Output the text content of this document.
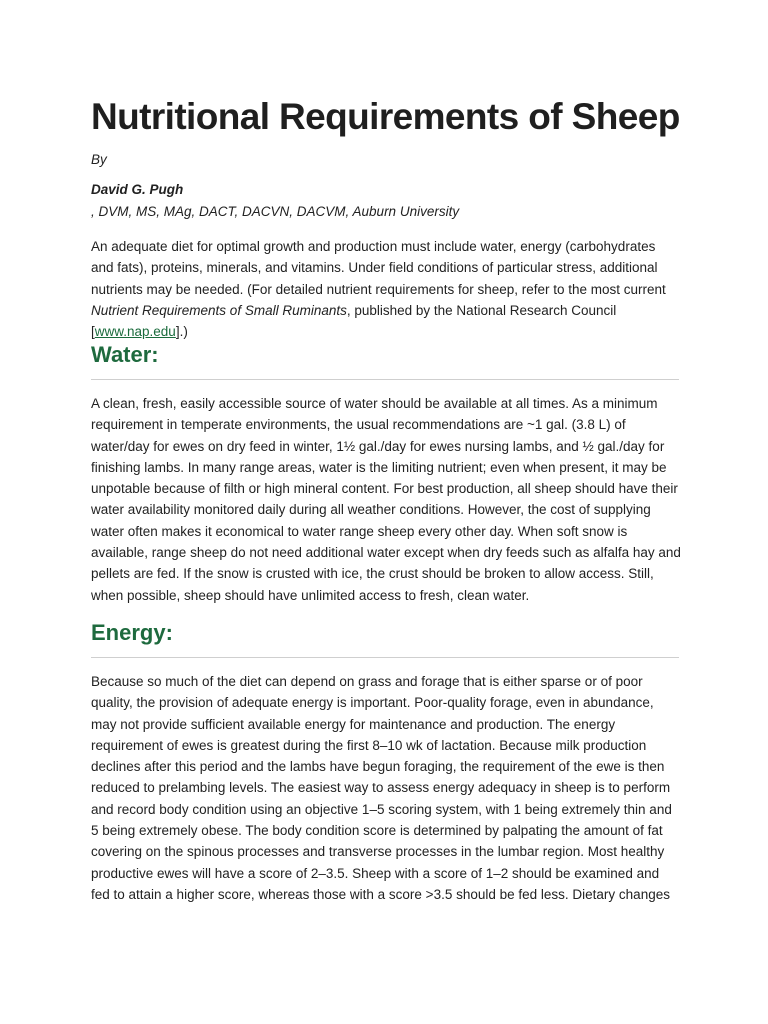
Nutritional Requirements of Sheep
By
David G. Pugh
, DVM, MS, MAg, DACT, DACVN, DACVM, Auburn University

An adequate diet for optimal growth and production must include water, energy (carbohydrates and fats), proteins, minerals, and vitamins. Under field conditions of particular stress, additional nutrients may be needed. (For detailed nutrient requirements for sheep, refer to the most current Nutrient Requirements of Small Ruminants, published by the National Research Council [www.nap.edu].)

Water:

A clean, fresh, easily accessible source of water should be available at all times. As a minimum requirement in temperate environments, the usual recommendations are ~1 gal. (3.8 L) of water/day for ewes on dry feed in winter, 1½ gal./day for ewes nursing lambs, and ½ gal./day for finishing lambs. In many range areas, water is the limiting nutrient; even when present, it may be unpotable because of filth or high mineral content. For best production, all sheep should have their water availability monitored daily during all weather conditions. However, the cost of supplying water often makes it economical to water range sheep every other day. When soft snow is available, range sheep do not need additional water except when dry feeds such as alfalfa hay and pellets are fed. If the snow is crusted with ice, the crust should be broken to allow access. Still, when possible, sheep should have unlimited access to fresh, clean water.

Energy:

Because so much of the diet can depend on grass and forage that is either sparse or of poor quality, the provision of adequate energy is important. Poor-quality forage, even in abundance, may not provide sufficient available energy for maintenance and production. The energy requirement of ewes is greatest during the first 8–10 wk of lactation. Because milk production declines after this period and the lambs have begun foraging, the requirement of the ewe is then reduced to prelambing levels. The easiest way to assess energy adequacy in sheep is to perform and record body condition using an objective 1–5 scoring system, with 1 being extremely thin and 5 being extremely obese. The body condition score is determined by palpating the amount of fat covering on the spinous processes and transverse processes in the lumbar region. Most healthy productive ewes will have a score of 2–3.5. Sheep with a score of 1–2 should be examined and fed to attain a higher score, whereas those with a score >3.5 should be fed less. Dietary changes
